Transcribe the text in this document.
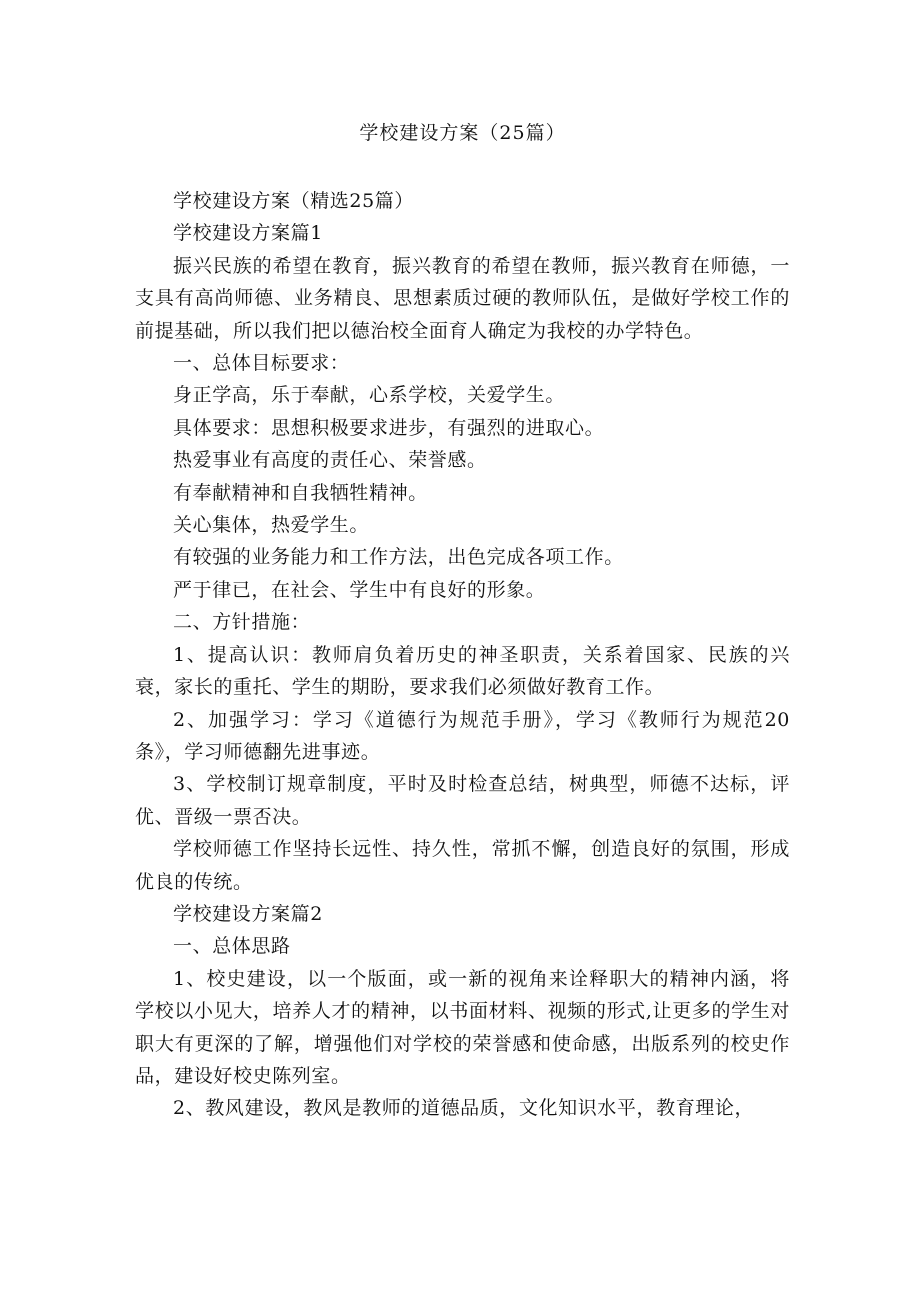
学校建设方案（25篇）

学校建设方案（精选25篇）

学校建设方案篇1

振兴民族的希望在教育，振兴教育的希望在教师，振兴教育在师德，一支具有高尚师德、业务精良、思想素质过硬的教师队伍，是做好学校工作的前提基础，所以我们把以德治校全面育人确定为我校的办学特色。

一、总体目标要求：

身正学高，乐于奉献，心系学校，关爱学生。

具体要求：思想积极要求进步，有强烈的进取心。

热爱事业有高度的责任心、荣誉感。

有奉献精神和自我牺牲精神。

关心集体，热爱学生。

有较强的业务能力和工作方法，出色完成各项工作。

严于律已，在社会、学生中有良好的形象。

二、方针措施：

1、提高认识：教师肩负着历史的神圣职责，关系着国家、民族的兴衰，家长的重托、学生的期盼，要求我们必须做好教育工作。

2、加强学习：学习《道德行为规范手册》，学习《教师行为规范20条》，学习师德翻先进事迹。

3、学校制订规章制度，平时及时检查总结，树典型，师德不达标，评优、晋级一票否决。

学校师德工作坚持长远性、持久性，常抓不懈，创造良好的氛围，形成优良的传统。

学校建设方案篇2

一、总体思路

1、校史建设，以一个版面，或一新的视角来诠释职大的精神内涵，将学校以小见大，培养人才的精神，以书面材料、视频的形式,让更多的学生对职大有更深的了解，增强他们对学校的荣誉感和使命感，出版系列的校史作品，建设好校史陈列室。

2、教风建设，教风是教师的道德品质，文化知识水平，教育理论，
